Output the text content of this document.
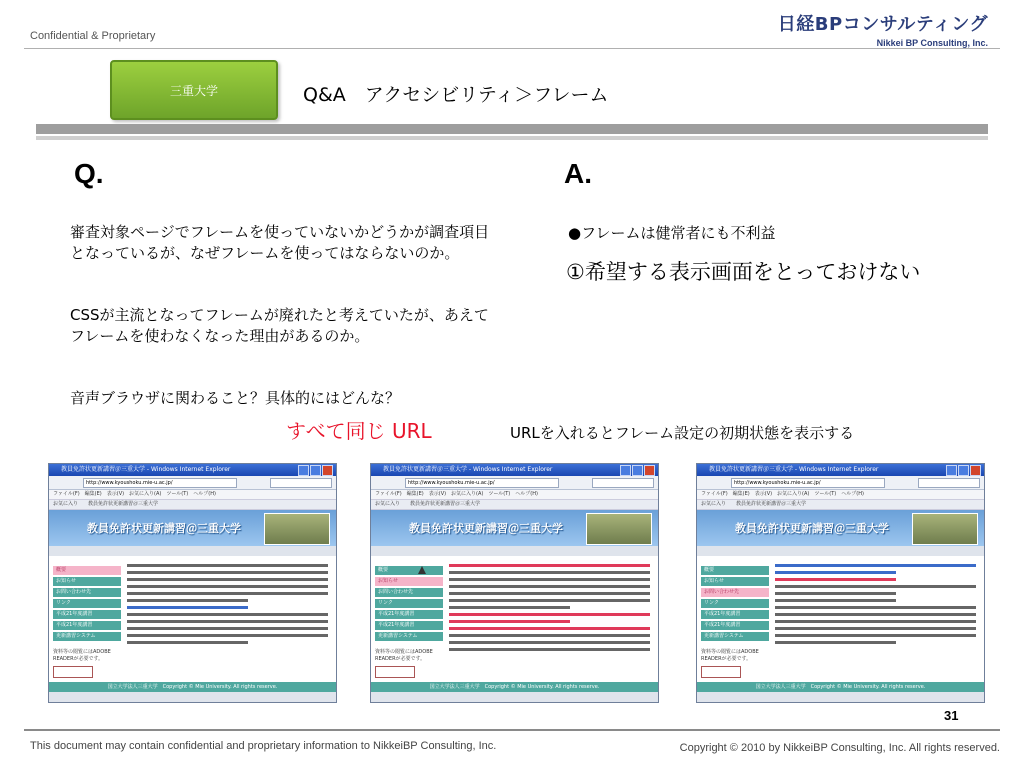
Confidential & Proprietary
日経BPコンサルティング
Nikkei BP Consulting, Inc.
三重大学	Q&A　アクセシビリティ＞フレーム
Q.	A.
審査対象ページでフレームを使っていないかどうかが調査項目となっているが、なぜフレームを使ってはならないのか。
CSSが主流となってフレームが廃れたと考えていたが、あえてフレームを使わなくなった理由があるのか。
音声ブラウザに関わること？具体的にはどんな？
すべて同じ URL
●フレームは健常者にも不利益
①希望する表示画面をとっておけない
URLを入れるとフレーム設定の初期状態を表示する
教員免許状更新講習＠三重大学 - Windows Internet Explorer
http://www.kyoushoku.mie-u.ac.jp/
ファイル(F)　編集(E)　表示(V)　お気に入り(A)　ツール(T)　ヘルプ(H)
お気に入り　　教員免許状更新講習＠三重大学
教員免許状更新講習＠三重大学
概要
お知らせ
お問い合わせ先
リンク
平成21年度講習
平成21年度講習
更新講習システム
資料等の閲覧にはADOBE READERが必要です。
国立大学法人三重大学　Copyright © Mie University. All rights reserve.
教員免許状更新講習＠三重大学 - Windows Internet Explorer
http://www.kyoushoku.mie-u.ac.jp/
ファイル(F)　編集(E)　表示(V)　お気に入り(A)　ツール(T)　ヘルプ(H)
お気に入り　　教員免許状更新講習＠三重大学
教員免許状更新講習＠三重大学
概要
お知らせ
お問い合わせ先
リンク
平成21年度講習
平成21年度講習
更新講習システム
資料等の閲覧にはADOBE READERが必要です。
国立大学法人三重大学　Copyright © Mie University. All rights reserve.
教員免許状更新講習＠三重大学 - Windows Internet Explorer
http://www.kyoushoku.mie-u.ac.jp/
ファイル(F)　編集(E)　表示(V)　お気に入り(A)　ツール(T)　ヘルプ(H)
お気に入り　　教員免許状更新講習＠三重大学
教員免許状更新講習＠三重大学
概要
お知らせ
お問い合わせ先
リンク
平成21年度講習
平成21年度講習
更新講習システム
資料等の閲覧にはADOBE READERが必要です。
国立大学法人三重大学　Copyright © Mie University. All rights reserve.
31
This document may contain confidential and proprietary information to NikkeiBP Consulting, Inc.	Copyright © 2010 by NikkeiBP Consulting, Inc. All rights reserved.
